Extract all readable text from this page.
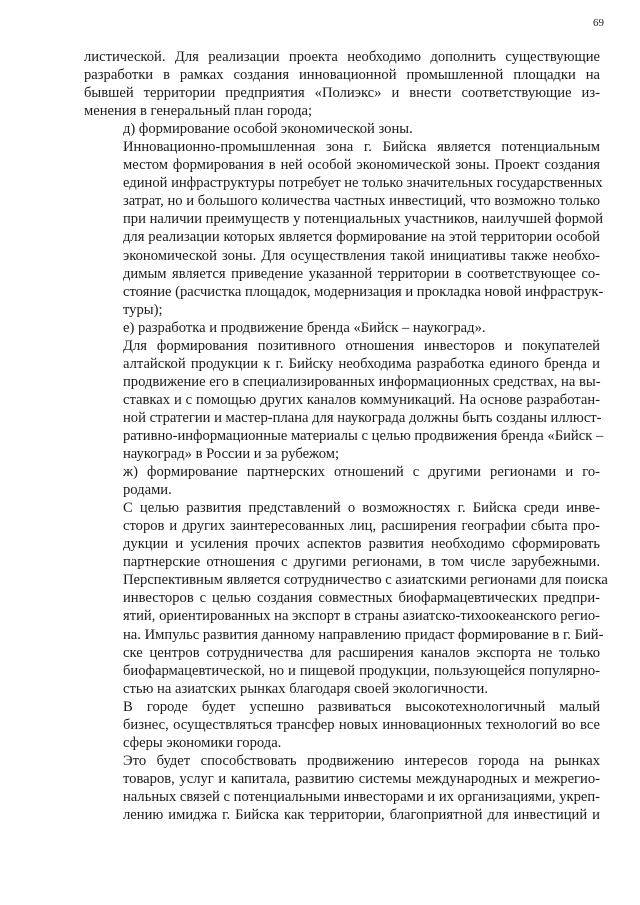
69
листической. Для реализации проекта необходимо дополнить существующие
разработки в рамках создания инновационной промышленной площадки на
бывшей территории предприятия «Полиэкс» и внести соответствующие из-
менения в генеральный план города;
д) формирование особой экономической зоны.
Инновационно-промышленная зона г. Бийска является потенциальным
местом формирования в ней особой экономической зоны. Проект создания
единой инфраструктуры потребует не только значительных государственных
затрат, но и большого количества частных инвестиций, что возможно только
при наличии преимуществ у потенциальных участников, наилучшей формой
для реализации которых является формирование на этой территории особой
экономической зоны. Для осуществления такой инициативы также необхо-
димым является приведение указанной территории в соответствующее со-
стояние (расчистка площадок, модернизация и прокладка новой инфраструк-
туры);
е) разработка и продвижение бренда «Бийск – наукоград».
Для формирования позитивного отношения инвесторов и покупателей
алтайской продукции к г. Бийску необходима разработка единого бренда и
продвижение его в специализированных информационных средствах, на вы-
ставках и с помощью других каналов коммуникаций. На основе разработан-
ной стратегии и мастер-плана для наукограда должны быть созданы иллюст-
ративно-информационные материалы с целью продвижения бренда «Бийск –
наукоград» в России и за рубежом;
ж) формирование партнерских отношений с другими регионами и го-
родами.
С целью развития представлений о возможностях г. Бийска среди инве-
сторов и других заинтересованных лиц, расширения географии сбыта про-
дукции и усиления прочих аспектов развития необходимо сформировать
партнерские отношения с другими регионами, в том числе зарубежными.
Перспективным является сотрудничество с азиатскими регионами для поиска
инвесторов с целью создания совместных биофармацевтических предпри-
ятий, ориентированных на экспорт в страны азиатско-тихоокеанского регио-
на. Импульс развития данному направлению придаст формирование в г. Бий-
ске центров сотрудничества для расширения каналов экспорта не только
биофармацевтической, но и пищевой продукции, пользующейся популярно-
стью на азиатских рынках благодаря своей экологичности.
В городе будет успешно развиваться высокотехнологичный малый
бизнес, осуществляться трансфер новых инновационных технологий во все
сферы экономики города.
Это будет способствовать продвижению интересов города на рынках
товаров, услуг и капитала, развитию системы международных и межрегио-
нальных связей с потенциальными инвесторами и их организациями, укреп-
лению имиджа г. Бийска как территории, благоприятной для инвестиций и
